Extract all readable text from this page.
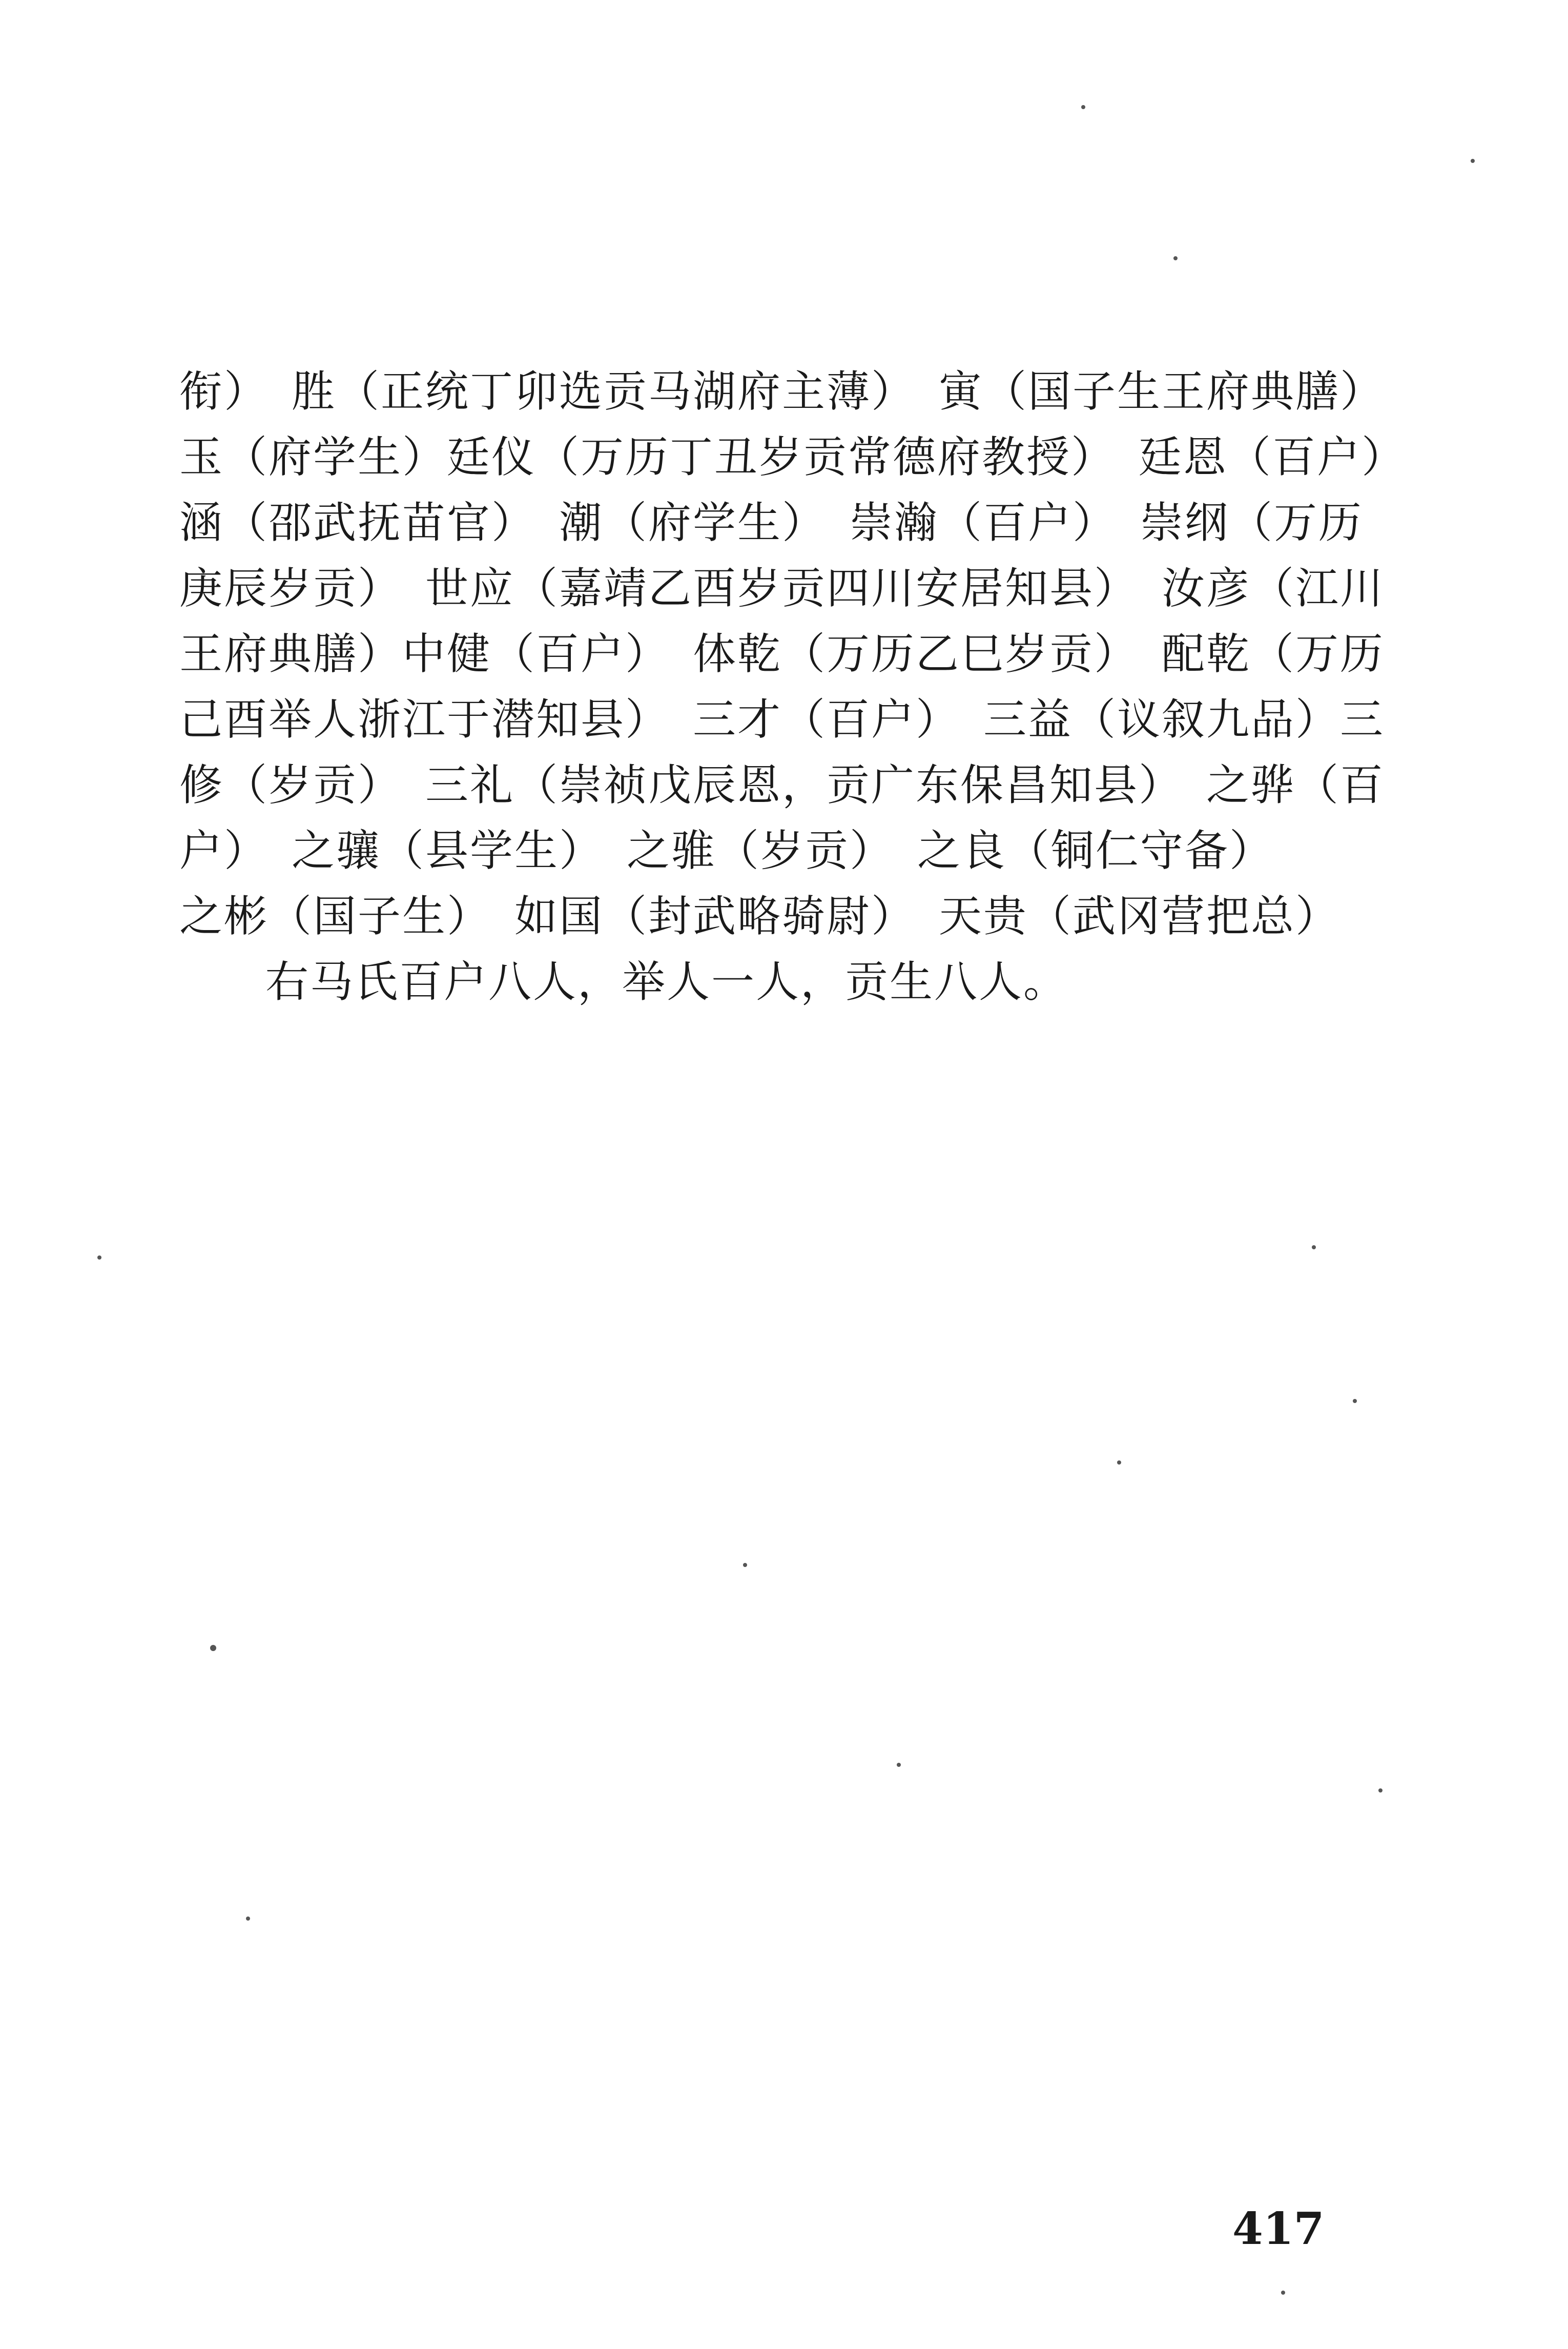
衔）　胜（正统丁卯选贡马湖府主薄）　寅（国子生王府典膳）
玉（府学生）廷仪（万历丁丑岁贡常德府教授）　廷恩（百户）
涵（邵武抚苗官）　潮（府学生）　崇瀚（百户）　崇纲（万历
庚辰岁贡）　世应（嘉靖乙酉岁贡四川安居知县）　汝彦（江川
王府典膳）中健（百户）　体乾（万历乙巳岁贡）　配乾（万历
己酉举人浙江于潜知县）　三才（百户）　三益（议叙九品）三
修（岁贡）　三礼（崇祯戊辰恩，贡广东保昌知县）　之骅（百
户）　之骧（县学生）　之骓（岁贡）　之良（铜仁守备）
之彬（国子生）　如国（封武略骑尉）　天贵（武冈营把总）
右马氏百户八人，举人一人，贡生八人。
417
